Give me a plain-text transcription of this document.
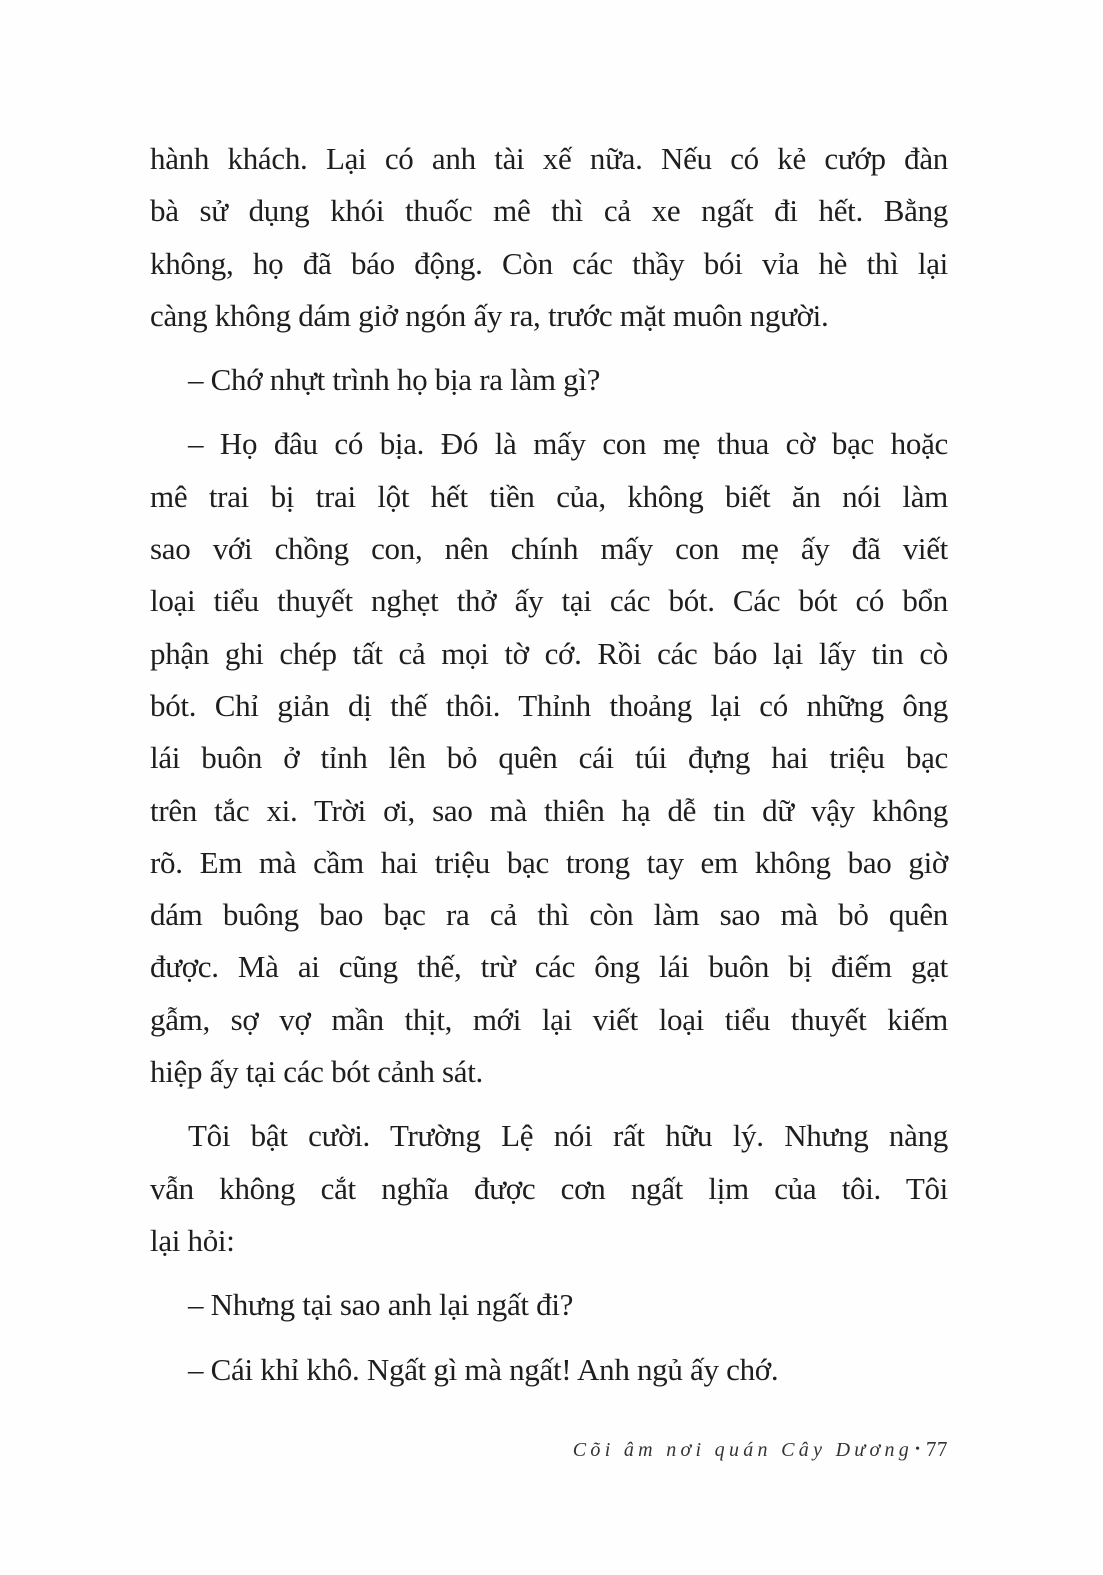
hành khách. Lại có anh tài xế nữa. Nếu có kẻ cướp đàn
bà sử dụng khói thuốc mê thì cả xe ngất đi hết. Bằng
không, họ đã báo động. Còn các thầy bói vỉa hè thì lại
càng không dám giở ngón ấy ra, trước mặt muôn người.
– Chớ nhựt trình họ bịa ra làm gì?
– Họ đâu có bịa. Đó là mấy con mẹ thua cờ bạc hoặc
mê trai bị trai lột hết tiền của, không biết ăn nói làm
sao với chồng con, nên chính mấy con mẹ ấy đã viết
loại tiểu thuyết nghẹt thở ấy tại các bót. Các bót có bổn
phận ghi chép tất cả mọi tờ cớ. Rồi các báo lại lấy tin cò
bót. Chỉ giản dị thế thôi. Thỉnh thoảng lại có những ông
lái buôn ở tỉnh lên bỏ quên cái túi đựng hai triệu bạc
trên tắc xi. Trời ơi, sao mà thiên hạ dễ tin dữ vậy không
rõ. Em mà cầm hai triệu bạc trong tay em không bao giờ
dám buông bao bạc ra cả thì còn làm sao mà bỏ quên
được. Mà ai cũng thế, trừ các ông lái buôn bị điếm gạt
gẫm, sợ vợ mần thịt, mới lại viết loại tiểu thuyết kiếm
hiệp ấy tại các bót cảnh sát.
Tôi bật cười. Trường Lệ nói rất hữu lý. Nhưng nàng
vẫn không cắt nghĩa được cơn ngất lịm của tôi. Tôi
lại hỏi:
– Nhưng tại sao anh lại ngất đi?
– Cái khỉ khô. Ngất gì mà ngất! Anh ngủ ấy chớ.
Cõi âm nơi quán Cây Dương • 77
